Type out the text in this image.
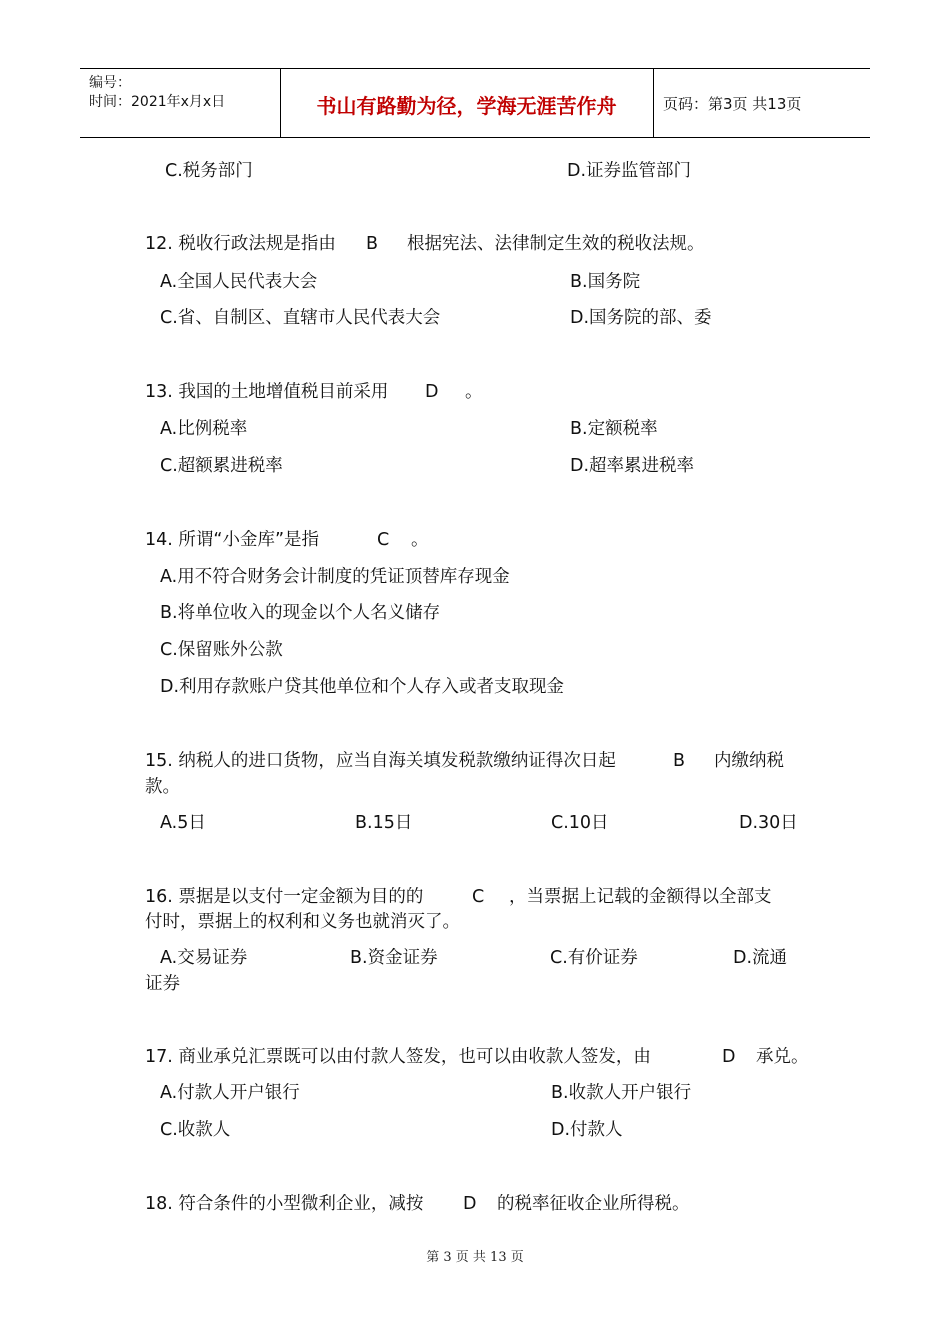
编号：
时间：2021年x月x日	书山有路勤为径，学海无涯苦作舟	页码：第3页 共13页
C.税务部门	D.证券监管部门
12. 税收行政法规是指由 B 根据宪法、法律制定生效的税收法规。
A.全国人民代表大会	B.国务院
C.省、自制区、直辖市人民代表大会	D.国务院的部、委
13. 我国的土地增值税目前采用 D 。
A.比例税率	B.定额税率
C.超额累进税率	D.超率累进税率
14. 所谓“小金库”是指	C 。
A.用不符合财务会计制度的凭证顶替库存现金
B.将单位收入的现金以个人名义储存
C.保留账外公款
D.利用存款账户贷其他单位和个人存入或者支取现金
15. 纳税人的进口货物，应当自海关填发税款缴纳证得次日起	B 内缴纳税
款。
A.5日	B.15日	C.10日	D.30日
16. 票据是以支付一定金额为目的的	C ，当票据上记载的金额得以全部支
付时，票据上的权利和义务也就消灭了。
A.交易证券	B.资金证券	C.有价证券	D.流通
证券
17. 商业承兑汇票既可以由付款人签发，也可以由收款人签发，由	D 承兑。
A.付款人开户银行	B.收款人开户银行
C.收款人	D.付款人
18. 符合条件的小型微利企业，减按 D 的税率征收企业所得税。
第 3 页 共 13 页
